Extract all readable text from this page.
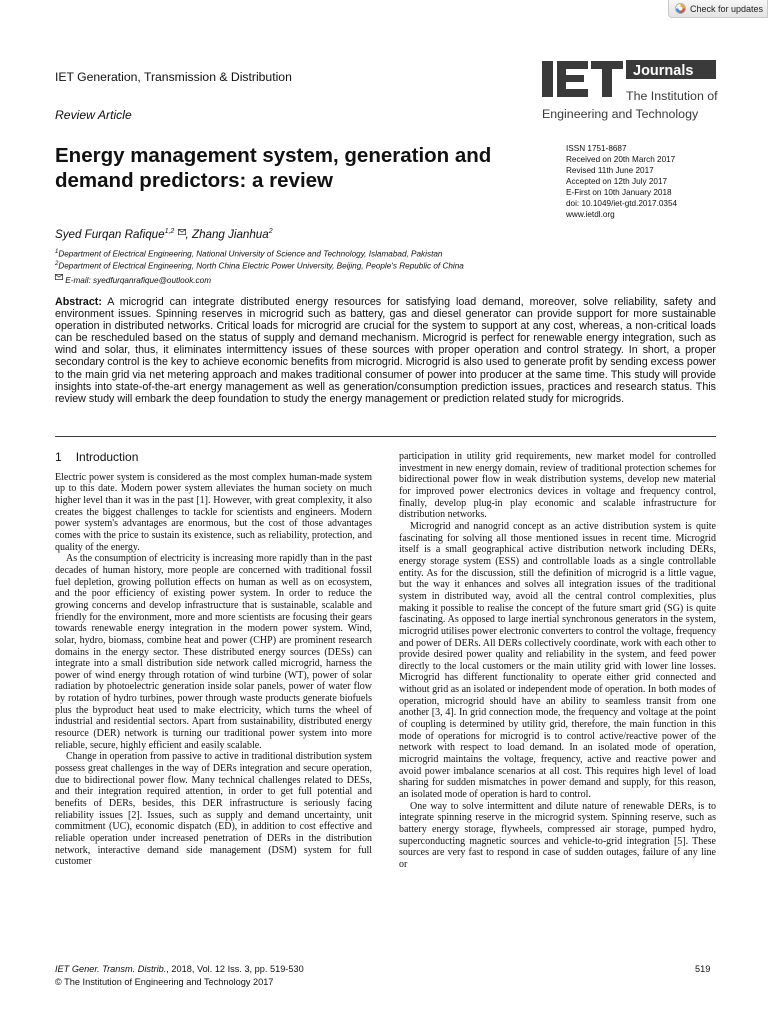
Check for updates
IET Generation, Transmission & Distribution
Review Article
Journals
The Institution of
Engineering and Technology
Energy management system, generation and demand predictors: a review
ISSN 1751-8687
Received on 20th March 2017
Revised 11th June 2017
Accepted on 12th July 2017
E-First on 10th January 2018
doi: 10.1049/iet-gtd.2017.0354
www.ietdl.org
Syed Furqan Rafique$^{1,2}$ , Zhang Jianhua$^2$
$^1$Department of Electrical Engineering, National University of Science and Technology, Islamabad, Pakistan
$^2$Department of Electrical Engineering, North China Electric Power University, Beijing, People's Republic of China
E-mail: syedfurqanrafique@outlook.com

Abstract: A microgrid can integrate distributed energy resources for satisfying load demand, moreover, solve reliability, safety and environment issues. Spinning reserves in microgrid such as battery, gas and diesel generator can provide support for more sustainable operation in distributed networks. Critical loads for microgrid are crucial for the system to support at any cost, whereas, a non-critical loads can be rescheduled based on the status of supply and demand mechanism. Microgrid is perfect for renewable energy integration, such as wind and solar, thus, it eliminates intermittency issues of these sources with proper operation and control strategy. In short, a proper secondary control is the key to achieve economic benefits from microgrid. Microgrid is also used to generate profit by sending excess power to the main grid via net metering approach and makes traditional consumer of power into producer at the same time. This study will provide insights into state-of-the-art energy management as well as generation/consumption prediction issues, practices and research status. This review study will embark the deep foundation to study the energy management or prediction related study for microgrids.

1 Introduction

Electric power system is considered as the most complex human-made system up to this date. Modern power system alleviates the human society on much higher level than it was in the past [1]. However, with great complexity, it also creates the biggest challenges to tackle for scientists and engineers. Modern power system's advantages are enormous, but the cost of those advantages comes with the price to sustain its existence, such as reliability, protection, and quality of the energy.

As the consumption of electricity is increasing more rapidly than in the past decades of human history, more people are concerned with traditional fossil fuel depletion, growing pollution effects on human as well as on ecosystem, and the poor efficiency of existing power system. In order to reduce the growing concerns and develop infrastructure that is sustainable, scalable and friendly for the environment, more and more scientists are focusing their gears towards renewable energy integration in the modern power system. Wind, solar, hydro, biomass, combine heat and power (CHP) are prominent research domains in the energy sector. These distributed energy sources (DESs) can integrate into a small distribution side network called microgrid, harness the power of wind energy through rotation of wind turbine (WT), power of solar radiation by photoelectric generation inside solar panels, power of water flow by rotation of hydro turbines, power through waste products generate biofuels plus the byproduct heat used to make electricity, which turns the wheel of industrial and residential sectors. Apart from sustainability, distributed energy resource (DER) network is turning our traditional power system into more reliable, secure, highly efficient and easily scalable.

Change in operation from passive to active in traditional distribution system possess great challenges in the way of DERs integration and secure operation, due to bidirectional power flow. Many technical challenges related to DESs, and their integration required attention, in order to get full potential and benefits of DERs, besides, this DER infrastructure is seriously facing reliability issues [2]. Issues, such as supply and demand uncertainty, unit commitment (UC), economic dispatch (ED), in addition to cost effective and reliable operation under increased penetration of DERs in the distribution network, interactive demand side management (DSM) system for full customer

participation in utility grid requirements, new market model for controlled investment in new energy domain, review of traditional protection schemes for bidirectional power flow in weak distribution systems, develop new material for improved power electronics devices in voltage and frequency control, finally, develop plug-in play economic and scalable infrastructure for distribution networks.

Microgrid and nanogrid concept as an active distribution system is quite fascinating for solving all those mentioned issues in recent time. Microgrid itself is a small geographical active distribution network including DERs, energy storage system (ESS) and controllable loads as a single controllable entity. As for the discussion, still the definition of microgrid is a little vague, but the way it enhances and solves all integration issues of the traditional system in distributed way, avoid all the central control complexities, plus making it possible to realise the concept of the future smart grid (SG) is quite fascinating. As opposed to large inertial synchronous generators in the system, microgrid utilises power electronic converters to control the voltage, frequency and power of DERs. All DERs collectively coordinate, work with each other to provide desired power quality and reliability in the system, and feed power directly to the local customers or the main utility grid with lower line losses. Microgrid has different functionality to operate either grid connected and without grid as an isolated or independent mode of operation. In both modes of operation, microgrid should have an ability to seamless transit from one another [3, 4]. In grid connection mode, the frequency and voltage at the point of coupling is determined by utility grid, therefore, the main function in this mode of operations for microgrid is to control active/reactive power of the network with respect to load demand. In an isolated mode of operation, microgrid maintains the voltage, frequency, active and reactive power and avoid power imbalance scenarios at all cost. This requires high level of load sharing for sudden mismatches in power demand and supply, for this reason, an isolated mode of operation is hard to control.

One way to solve intermittent and dilute nature of renewable DERs, is to integrate spinning reserve in the microgrid system. Spinning reserve, such as battery energy storage, flywheels, compressed air storage, pumped hydro, superconducting magnetic sources and vehicle-to-grid integration [5]. These sources are very fast to respond in case of sudden outages, failure of any line or

IET Gener. Transm. Distrib., 2018, Vol. 12 Iss. 3, pp. 519-530
© The Institution of Engineering and Technology 2017
519
